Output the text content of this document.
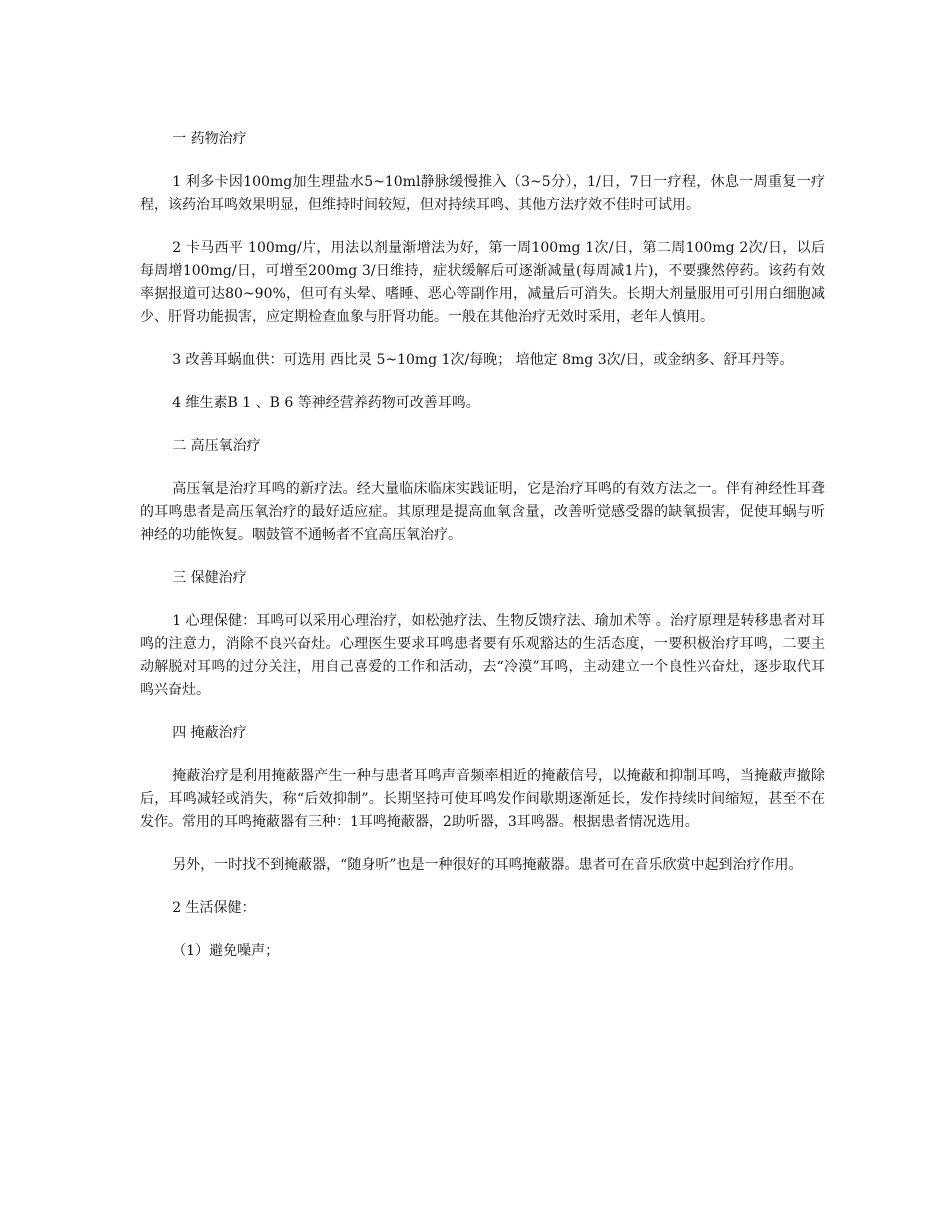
一 药物治疗

1 利多卡因100mg加生理盐水5~10ml静脉缓慢推入（3~5分），1/日，7日一疗程，休息一周重复一疗程，该药治耳鸣效果明显，但维持时间较短，但对持续耳鸣、其他方法疗效不佳时可试用。

2 卡马西平 100mg/片，用法以剂量渐增法为好，第一周100mg 1次/日，第二周100mg 2次/日，以后每周增100mg/日，可增至200mg 3/日维持，症状缓解后可逐渐减量(每周减1片)，不要骤然停药。该药有效率据报道可达80~90%，但可有头晕、嗜睡、恶心等副作用，减量后可消失。长期大剂量服用可引用白细胞减少、肝肾功能损害，应定期检查血象与肝肾功能。一般在其他治疗无效时采用，老年人慎用。

3 改善耳蜗血供：可选用 西比灵 5~10mg 1次/每晚； 培他定 8mg 3次/日，或金纳多、舒耳丹等。

4 维生素B 1 、B 6 等神经营养药物可改善耳鸣。

二 高压氧治疗

高压氧是治疗耳鸣的新疗法。经大量临床临床实践证明，它是治疗耳鸣的有效方法之一。伴有神经性耳聋的耳鸣患者是高压氧治疗的最好适应症。其原理是提高血氧含量，改善听觉感受器的缺氧损害，促使耳蜗与听神经的功能恢复。咽鼓管不通畅者不宜高压氧治疗。

三 保健治疗

1 心理保健：耳鸣可以采用心理治疗，如松弛疗法、生物反馈疗法、瑜加术等 。治疗原理是转移患者对耳鸣的注意力，消除不良兴奋灶。心理医生要求耳鸣患者要有乐观豁达的生活态度，一要积极治疗耳鸣，二要主动解脱对耳鸣的过分关注，用自己喜爱的工作和活动，去“冷漠”耳鸣，主动建立一个良性兴奋灶，逐步取代耳鸣兴奋灶。

四 掩蔽治疗

掩蔽治疗是利用掩蔽器产生一种与患者耳鸣声音频率相近的掩蔽信号，以掩蔽和抑制耳鸣，当掩蔽声撤除后，耳鸣减轻或消失，称“后效抑制”。长期坚持可使耳鸣发作间歇期逐渐延长，发作持续时间缩短，甚至不在发作。常用的耳鸣掩蔽器有三种：1耳鸣掩蔽器，2助听器，3耳鸣器。根据患者情况选用。

另外，一时找不到掩蔽器，“随身听”也是一种很好的耳鸣掩蔽器。患者可在音乐欣赏中起到治疗作用。

2 生活保健：

（1）避免噪声；
